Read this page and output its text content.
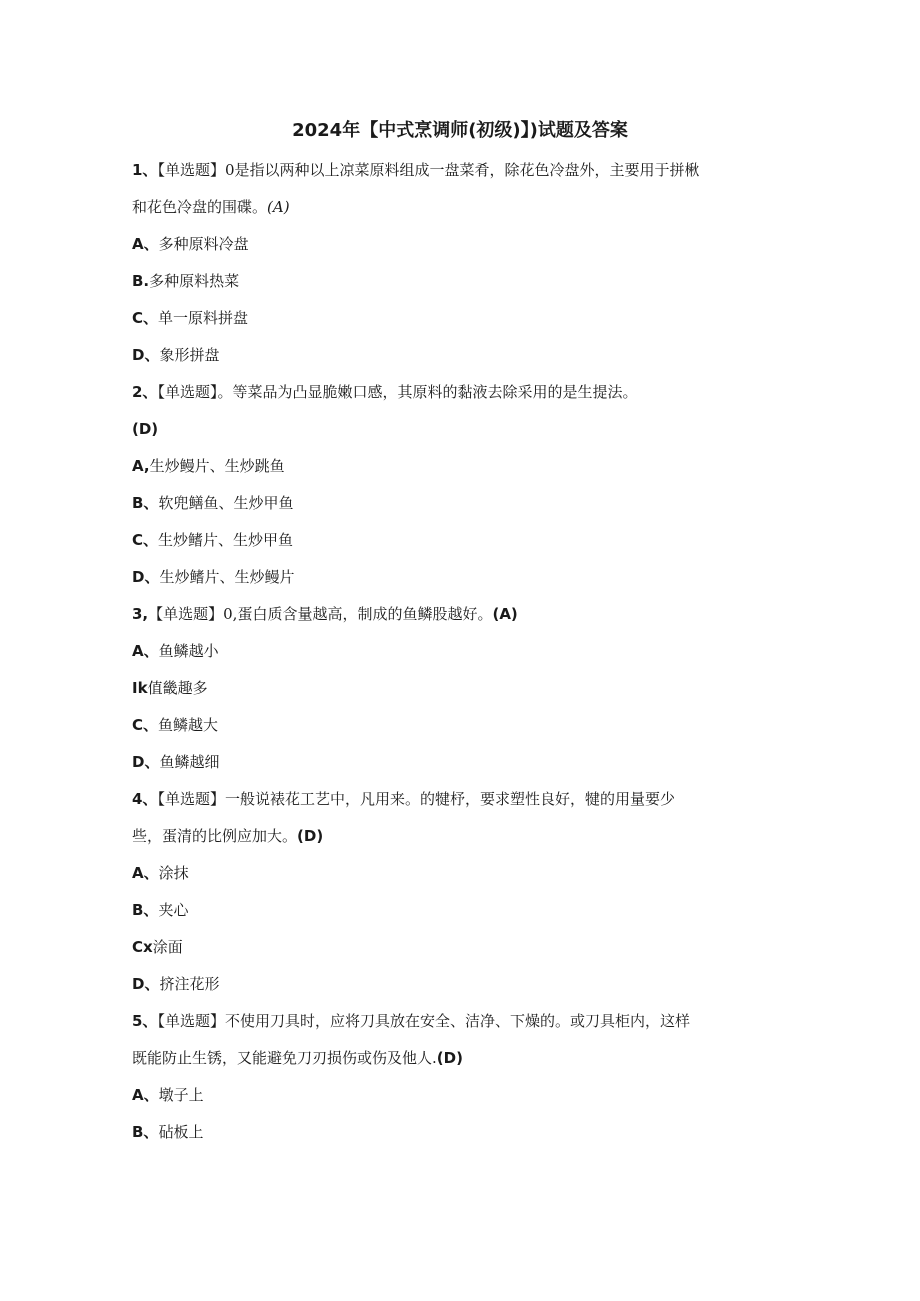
2024年【中式烹调师(初级)】)试题及答案

1、【单选题】0是指以两种以上凉菜原料组成一盘菜肴，除花色冷盘外，主要用于拼楸

和花色冷盘的围碟。(A)

A、多种原料冷盘

B.多种原料热菜

C、单一原料拼盘

D、象形拼盘

2、【单选题】。等菜品为凸显脆嫩口感，其原料的黏液去除采用的是生提法。

(D)

A,生炒鳗片、生炒跳鱼

B、软兜鳝鱼、生炒甲鱼

C、生炒鳍片、生炒甲鱼

D、生炒鳍片、生炒鳗片

3,【单选题】0,蛋白质含量越高，制成的鱼鳞股越好。(A)

A、鱼鳞越小

Ik值畿趣多

C、鱼鳞越大

D、鱼鳞越细

4、【单选题】一般说裱花工艺中，凡用来。的犍杼，要求塑性良好，犍的用量要少

些，蛋清的比例应加大。(D)

A、涂抹

B、夹心

Cx涂面

D、挤注花形

5、【单选题】不使用刀具时，应将刀具放在安全、洁净、下燥的。或刀具柜内，这样

既能防止生锈，又能避免刀刃损伤或伤及他人.(D)

A、墩子上

B、砧板上
